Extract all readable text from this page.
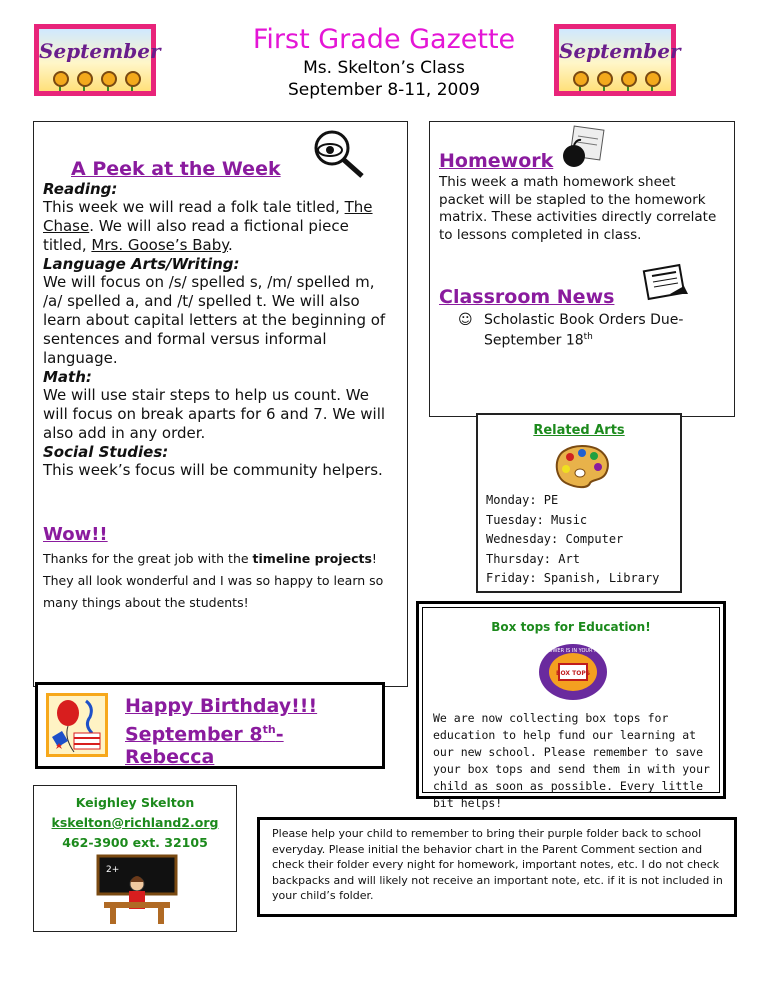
September	September
First Grade Gazette
Ms. Skelton’s Class
September 8-11, 2009
A Peek at the Week
Reading:
This week we will read a folk tale titled, The Chase. We will also read a fictional piece titled, Mrs. Goose’s Baby.
Language Arts/Writing:
We will focus on /s/ spelled s, /m/ spelled m, /a/ spelled a, and /t/ spelled t. We will also learn about capital letters at the beginning of sentences and formal versus informal language.
Math:
We will use stair steps to help us count. We will focus on break aparts for 6 and 7. We will also add in any order.
Social Studies:
This week’s focus will be community helpers.
Wow!!
Thanks for the great job with the timeline projects! They all look wonderful and I was so happy to learn so many things about the students!
Homework
This week a math homework sheet packet will be stapled to the homework matrix. These activities directly correlate to lessons completed in class.
Classroom News
☺ Scholastic Book Orders Due-September 18th
Related Arts
Monday: PE
Tuesday: Music
Wednesday: Computer
Thursday: Art
Friday: Spanish, Library
Box tops for Education!
BOX TOPS
THE POWER IS IN YOUR HANDS
We are now collecting box tops for education to help fund our learning at our new school. Please remember to save your box tops and send them in with your child as soon as possible. Every little bit helps!
Happy Birthday!!!
September 8th-
Rebecca
Keighley Skelton
kskelton@richland2.org
462-3900 ext. 32105
2+
Please help your child to remember to bring their purple folder back to school everyday. Please initial the behavior chart in the Parent Comment section and check their folder every night for homework, important notes, etc. I do not check backpacks and will likely not receive an important note, etc. if it is not included in your child’s folder.
